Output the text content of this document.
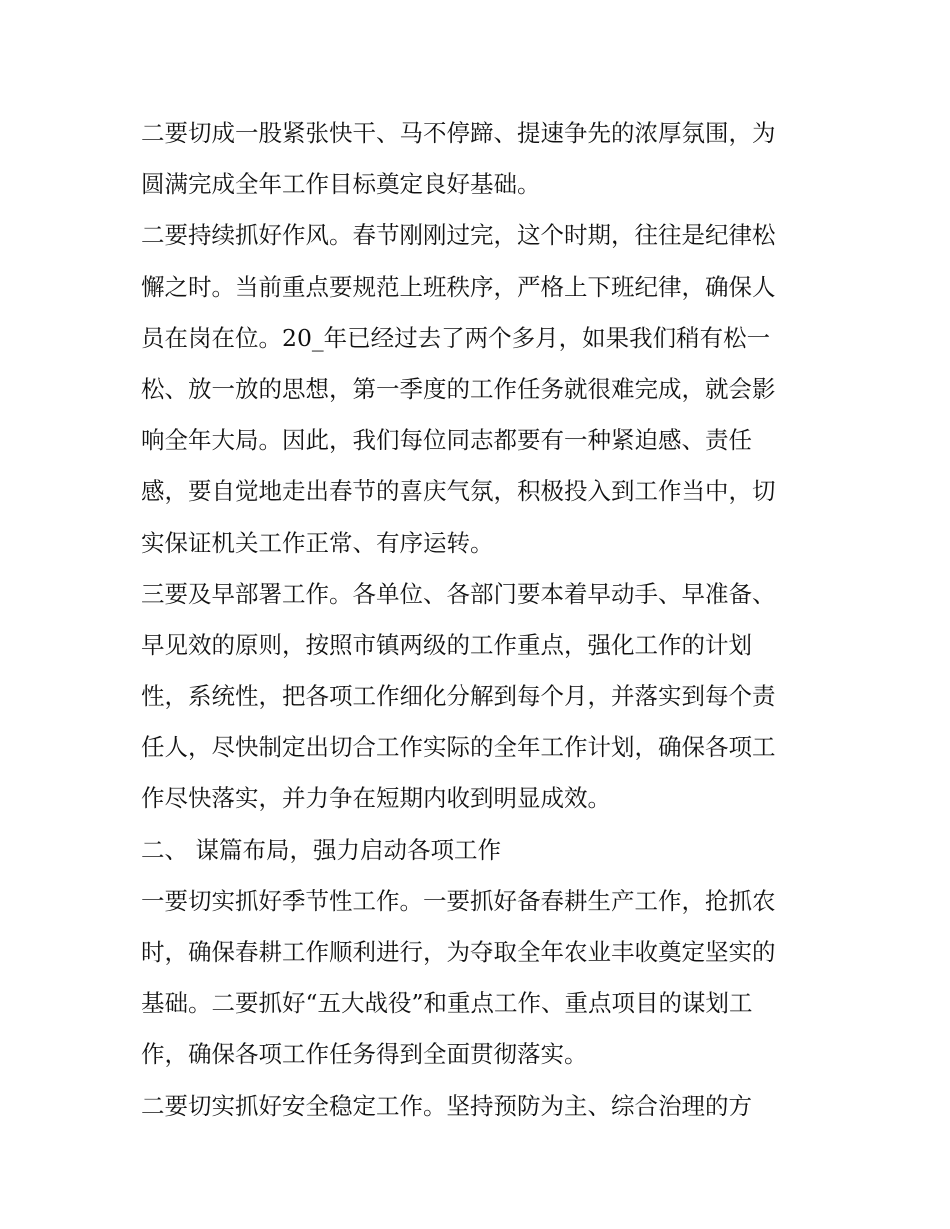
二要切成一股紧张快干、马不停蹄、提速争先的浓厚氛围，为
圆满完成全年工作目标奠定良好基础。
二要持续抓好作风。春节刚刚过完，这个时期，往往是纪律松
懈之时。当前重点要规范上班秩序，严格上下班纪律，确保人
员在岗在位。20_年已经过去了两个多月，如果我们稍有松一
松、放一放的思想，第一季度的工作任务就很难完成，就会影
响全年大局。因此，我们每位同志都要有一种紧迫感、责任
感，要自觉地走出春节的喜庆气氛，积极投入到工作当中，切
实保证机关工作正常、有序运转。
三要及早部署工作。各单位、各部门要本着早动手、早准备、
早见效的原则，按照市镇两级的工作重点，强化工作的计划
性，系统性，把各项工作细化分解到每个月，并落实到每个责
任人，尽快制定出切合工作实际的全年工作计划，确保各项工
作尽快落实，并力争在短期内收到明显成效。
二、 谋篇布局，强力启动各项工作
一要切实抓好季节性工作。一要抓好备春耕生产工作，抢抓农
时，确保春耕工作顺利进行，为夺取全年农业丰收奠定坚实的
基础。二要抓好“五大战役”和重点工作、重点项目的谋划工
作，确保各项工作任务得到全面贯彻落实。
二要切实抓好安全稳定工作。坚持预防为主、综合治理的方
